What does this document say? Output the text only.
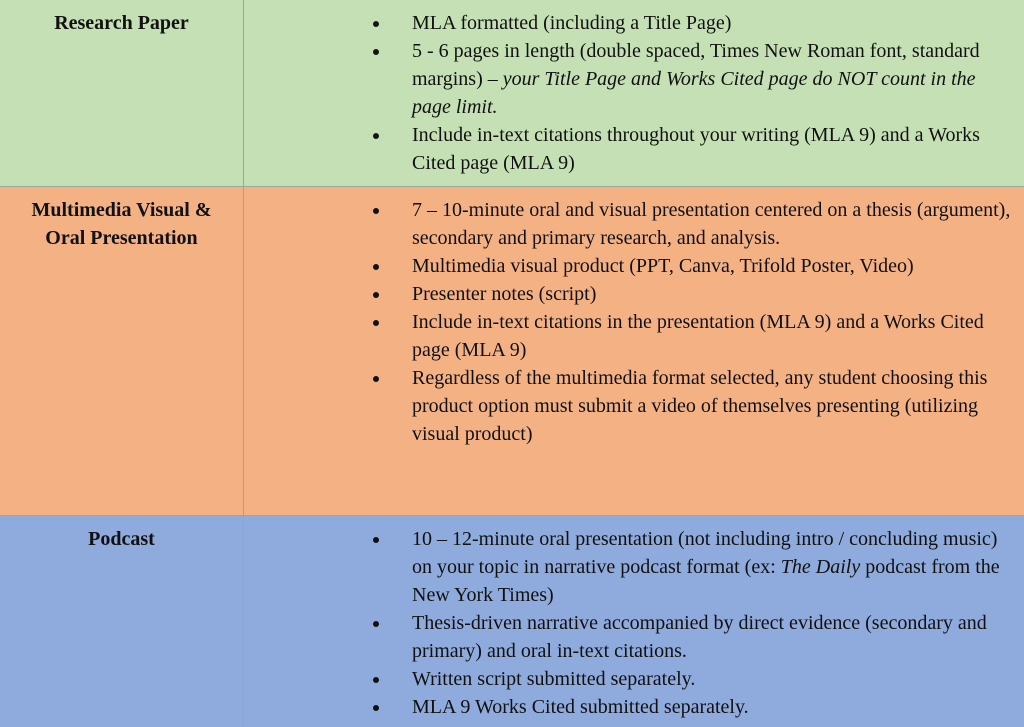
Research Paper	MLA formatted (including a Title Page)
5 - 6 pages in length (double spaced, Times New Roman font, standard margins) – your Title Page and Works Cited page do NOT count in the page limit.
Include in-text citations throughout your writing (MLA 9) and a Works Cited page (MLA 9)
Multimedia Visual &
Oral Presentation
7 – 10-minute oral and visual presentation centered on a thesis (argument), secondary and primary research, and analysis.
Multimedia visual product (PPT, Canva, Trifold Poster, Video)
Presenter notes (script)
Include in-text citations in the presentation (MLA 9) and a Works Cited page (MLA 9)
Regardless of the multimedia format selected, any student choosing this product option must submit a video of themselves presenting (utilizing visual product)
Podcast	10 – 12-minute oral presentation (not including intro / concluding music) on your topic in narrative podcast format (ex: The Daily podcast from the New York Times)
Thesis-driven narrative accompanied by direct evidence (secondary and primary) and oral in-text citations.
Written script submitted separately.
MLA 9 Works Cited submitted separately.
